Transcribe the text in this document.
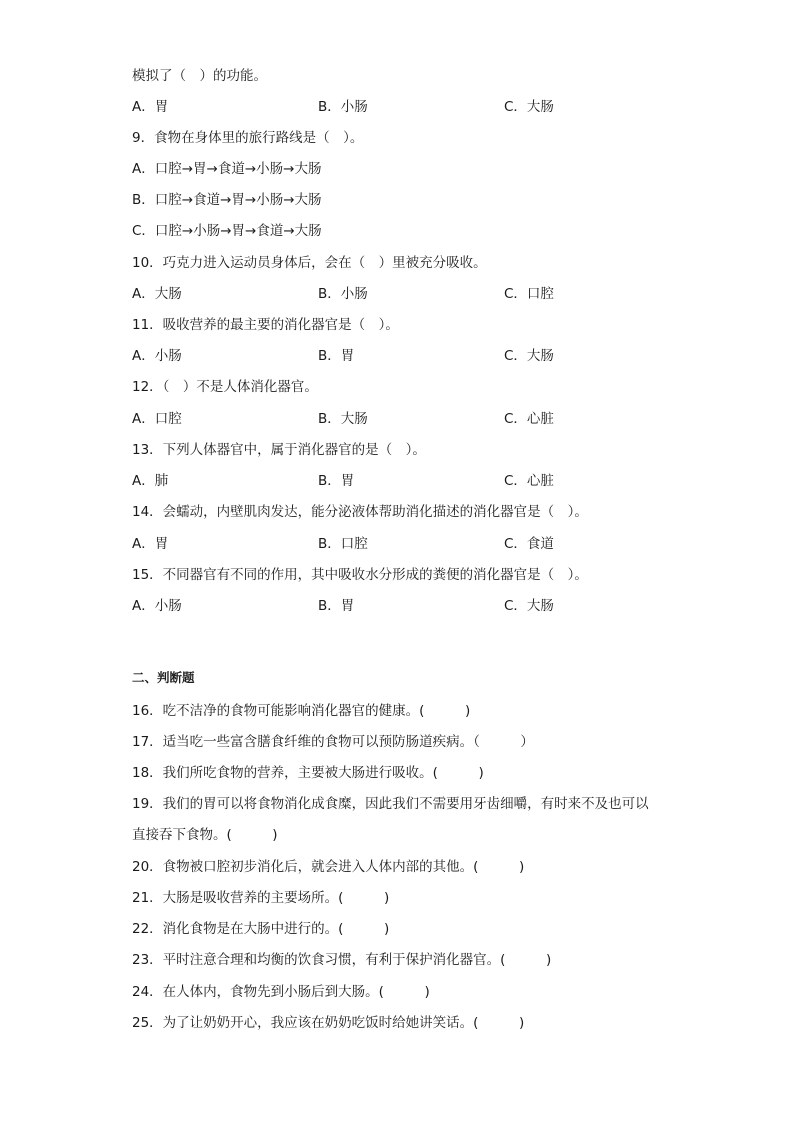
模拟了（　）的功能。
A．胃	B．小肠	C．大肠
9．食物在身体里的旅行路线是（　）。
A．口腔→胃→食道→小肠→大肠
B．口腔→食道→胃→小肠→大肠
C．口腔→小肠→胃→食道→大肠
10．巧克力进入运动员身体后，会在（　）里被充分吸收。
A．大肠	B．小肠	C．口腔
11．吸收营养的最主要的消化器官是（　）。
A．小肠	B．胃	C．大肠
12．（　）不是人体消化器官。
A．口腔	B．大肠	C．心脏
13．下列人体器官中，属于消化器官的是（　）。
A．肺	B．胃	C．心脏
14．会蠕动，内壁肌肉发达，能分泌液体帮助消化描述的消化器官是（　）。
A．胃	B．口腔	C．食道
15．不同器官有不同的作用，其中吸收水分形成的粪便的消化器官是（　）。
A．小肠	B．胃	C．大肠
二、判断题
16．吃不洁净的食物可能影响消化器官的健康。(　　　)
17．适当吃一些富含膳食纤维的食物可以预防肠道疾病。（　　　）
18．我们所吃食物的营养，主要被大肠进行吸收。(　　　)
19．我们的胃可以将食物消化成食糜，因此我们不需要用牙齿细嚼，有时来不及也可以
直接吞下食物。(　　　)
20．食物被口腔初步消化后，就会进入人体内部的其他。(　　　)
21．大肠是吸收营养的主要场所。(　　　)
22．消化食物是在大肠中进行的。(　　　)
23．平时注意合理和均衡的饮食习惯，有利于保护消化器官。(　　　)
24．在人体内，食物先到小肠后到大肠。(　　　)
25．为了让奶奶开心，我应该在奶奶吃饭时给她讲笑话。(　　　)
